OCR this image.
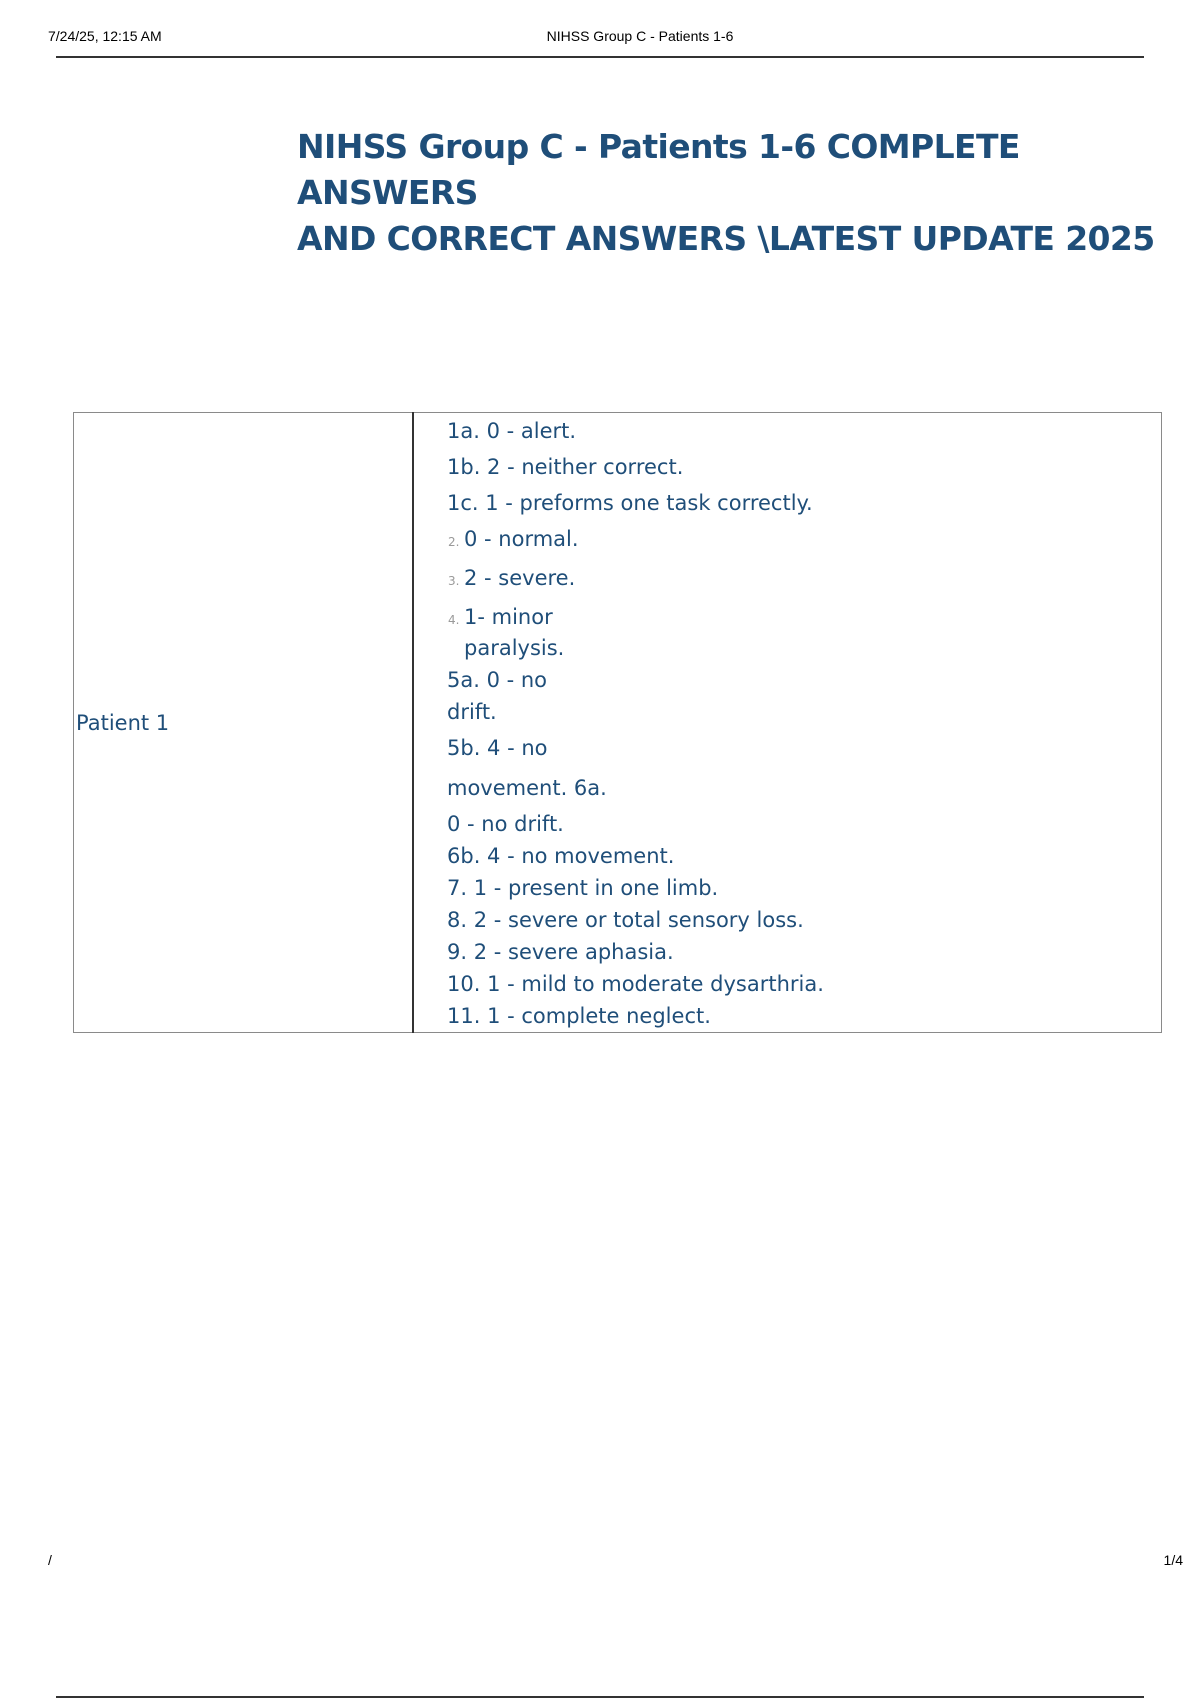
7/24/25, 12:15 AM	NIHSS Group C - Patients 1-6
NIHSS Group C - Patients 1-6 COMPLETE ANSWERS
AND CORRECT ANSWERS \LATEST UPDATE 2025
Patient 1	
1a. 0 - alert.
1b. 2 - neither correct.
1c. 1 - preforms one task correctly.
2. 0 - normal.
3. 2 - severe.
4. 1- minor
paralysis.
5a. 0 - no
drift.
5b. 4 - no
movement. 6a.
0 - no drift.
6b. 4 - no movement.
7. 1 - present in one limb.
8. 2 - severe or total sensory loss.
9. 2 - severe aphasia.
10. 1 - mild to moderate dysarthria.
11. 1 - complete neglect.
/	1/4
